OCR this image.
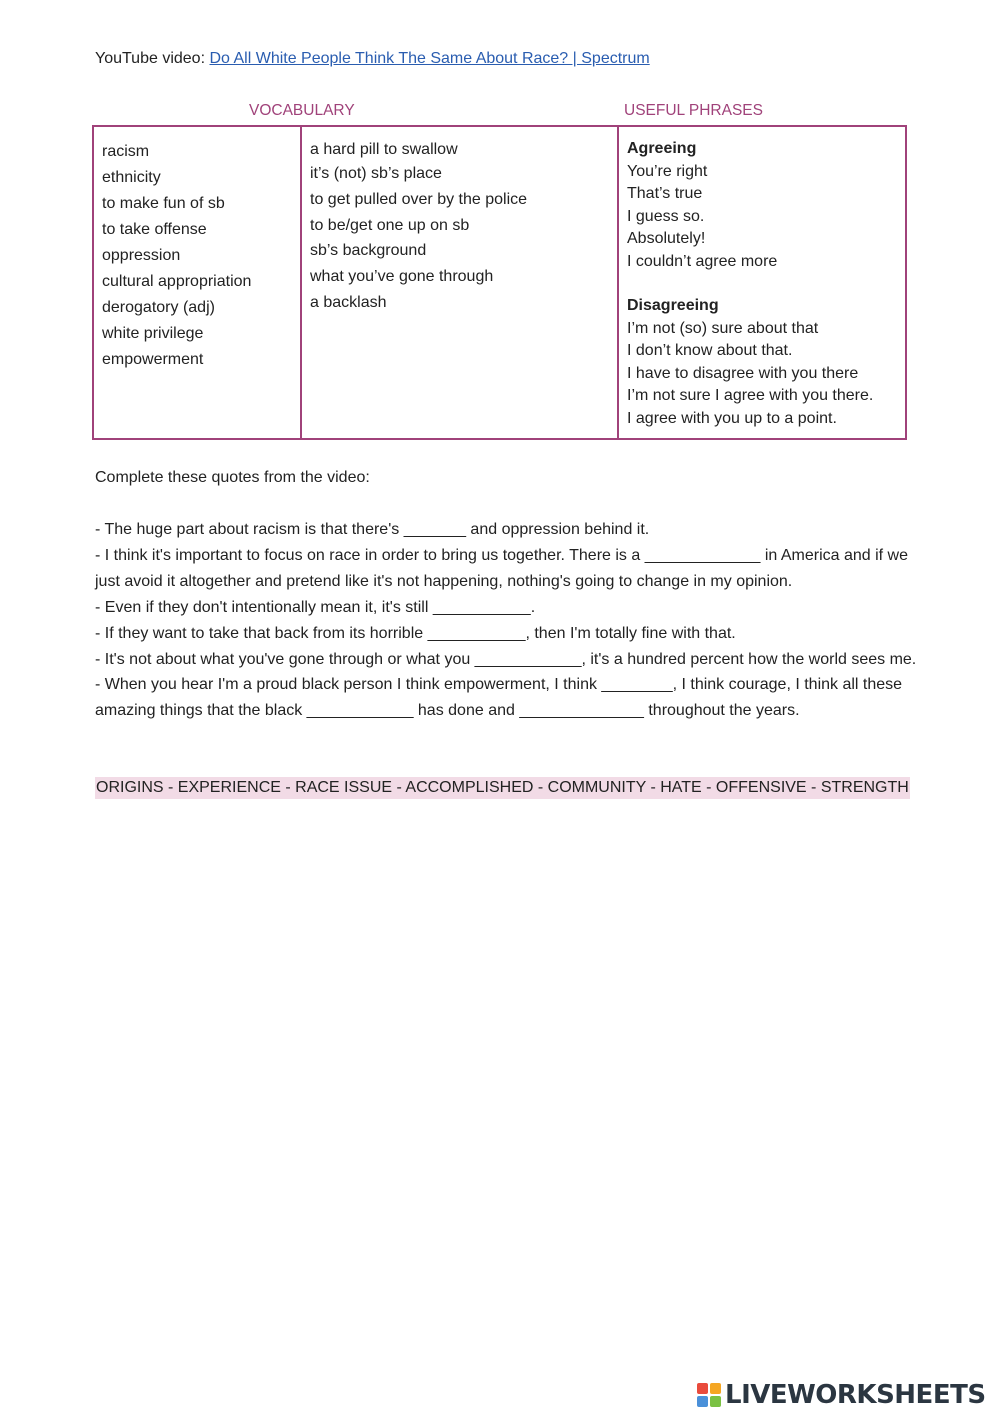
YouTube video: Do All White People Think The Same About Race? | Spectrum
VOCABULARY	USEFUL PHRASES
racism
ethnicity
to make fun of sb
to take offense
oppression
cultural appropriation
derogatory (adj)
white privilege
empowerment
a hard pill to swallow
it’s (not) sb’s place
to get pulled over by the police
to be/get one up on sb
sb’s background
what you’ve gone through
a backlash
Agreeing
You’re right
That’s true
I guess so.
Absolutely!
I couldn’t agree more
Disagreeing
I’m not (so) sure about that
I don’t know about that.
I have to disagree with you there
I’m not sure I agree with you there.
I agree with you up to a point.
Complete these quotes from the video:
- The huge part about racism is that there's _______ and oppression behind it.
- I think it's important to focus on race in order to bring us together. There is a _____________ in America and if we just avoid it altogether and pretend like it's not happening, nothing's going to change in my opinion.
- Even if they don't intentionally mean it, it's still ___________.
- If they want to take that back from its horrible ___________, then I'm totally fine with that.
- It's not about what you've gone through or what you ____________, it's a hundred percent how the world sees me.
- When you hear I'm a proud black person I think empowerment, I think ________, I think courage, I think all these amazing things that the black ____________ has done and ______________ throughout the years.
ORIGINS - EXPERIENCE - RACE ISSUE - ACCOMPLISHED - COMMUNITY - HATE - OFFENSIVE - STRENGTH
LIVEWORKSHEETS
